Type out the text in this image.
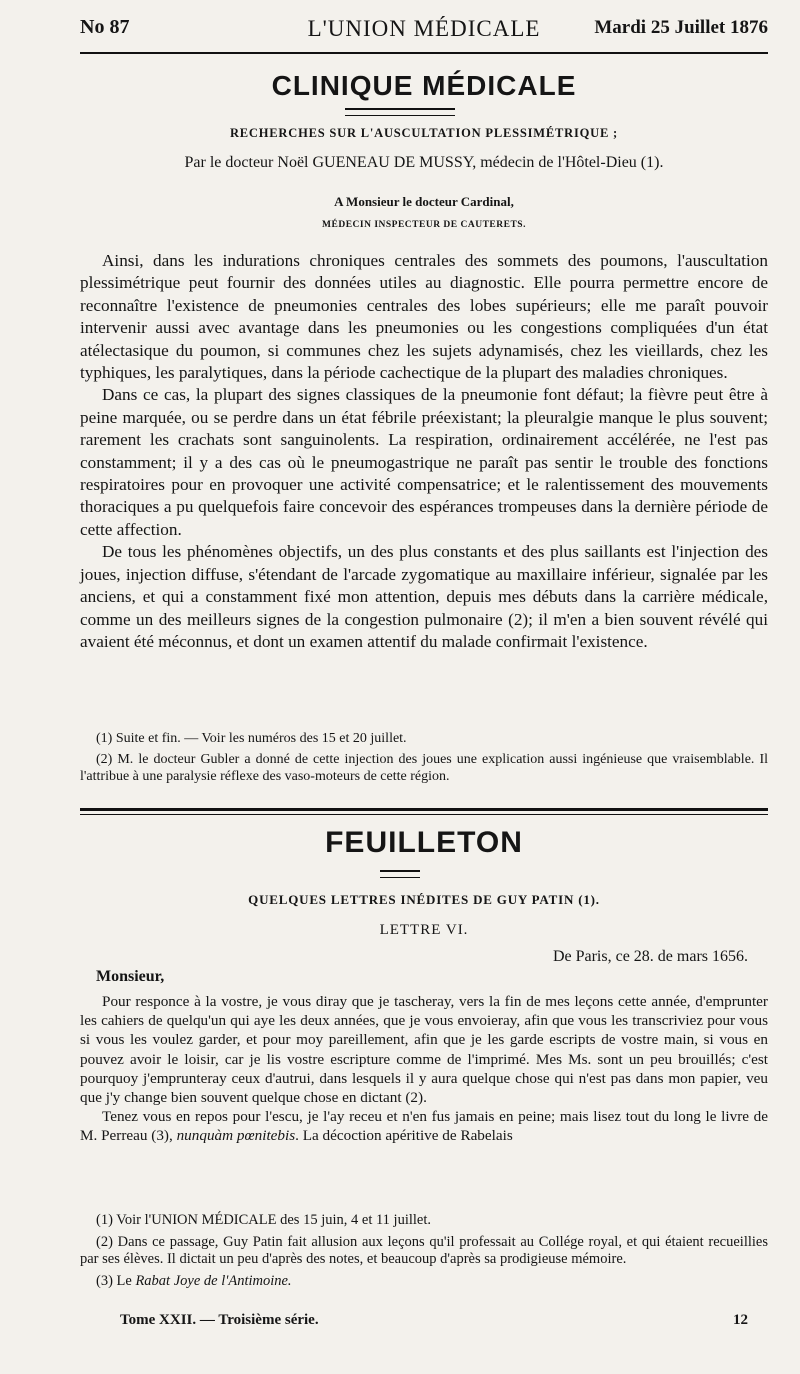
No 87	L'UNION MÉDICALE	Mardi 25 Juillet 1876
CLINIQUE MÉDICALE
RECHERCHES SUR L'AUSCULTATION PLESSIMÉTRIQUE ;
Par le docteur Noël GUENEAU DE MUSSY, médecin de l'Hôtel-Dieu (1).
A Monsieur le docteur Cardinal,
MÉDECIN INSPECTEUR DE CAUTERETS.

Ainsi, dans les indurations chroniques centrales des sommets des poumons, l'auscultation plessimétrique peut fournir des données utiles au diagnostic. Elle pourra permettre encore de reconnaître l'existence de pneumonies centrales des lobes supérieurs; elle me paraît pouvoir intervenir aussi avec avantage dans les pneumonies ou les congestions compliquées d'un état atélectasique du poumon, si communes chez les sujets adynamisés, chez les vieillards, chez les typhiques, les paralytiques, dans la période cachectique de la plupart des maladies chroniques.

Dans ce cas, la plupart des signes classiques de la pneumonie font défaut; la fièvre peut être à peine marquée, ou se perdre dans un état fébrile préexistant; la pleuralgie manque le plus souvent; rarement les crachats sont sanguinolents. La respiration, ordinairement accélérée, ne l'est pas constamment; il y a des cas où le pneumogastrique ne paraît pas sentir le trouble des fonctions respiratoires pour en provoquer une activité compensatrice; et le ralentissement des mouvements thoraciques a pu quelquefois faire concevoir des espérances trompeuses dans la dernière période de cette affection.

De tous les phénomènes objectifs, un des plus constants et des plus saillants est l'injection des joues, injection diffuse, s'étendant de l'arcade zygomatique au maxillaire inférieur, signalée par les anciens, et qui a constamment fixé mon attention, depuis mes débuts dans la carrière médicale, comme un des meilleurs signes de la congestion pulmonaire (2); il m'en a bien souvent révélé qui avaient été méconnus, et dont un examen attentif du malade confirmait l'existence.

(1) Suite et fin. — Voir les numéros des 15 et 20 juillet.

(2) M. le docteur Gubler a donné de cette injection des joues une explication aussi ingénieuse que vraisemblable. Il l'attribue à une paralysie réflexe des vaso-moteurs de cette région.

FEUILLETON
QUELQUES LETTRES INÉDITES DE GUY PATIN (1).
LETTRE VI.
De Paris, ce 28. de mars 1656.
Monsieur,

Pour responce à la vostre, je vous diray que je tascheray, vers la fin de mes leçons cette année, d'emprunter les cahiers de quelqu'un qui aye les deux années, que je vous envoieray, afin que vous les transcriviez pour vous si vous les voulez garder, et pour moy pareillement, afin que je les garde escripts de vostre main, si vous en pouvez avoir le loisir, car je lis vostre escripture comme de l'imprimé. Mes Ms. sont un peu brouillés; c'est pourquoy j'emprunteray ceux d'autrui, dans lesquels il y aura quelque chose qui n'est pas dans mon papier, veu que j'y change bien souvent quelque chose en dictant (2).

Tenez vous en repos pour l'escu, je l'ay receu et n'en fus jamais en peine; mais lisez tout du long le livre de M. Perreau (3), nunquàm pœnitebis. La décoction apéritive de Rabelais

(1) Voir l'UNION MÉDICALE des 15 juin, 4 et 11 juillet.

(2) Dans ce passage, Guy Patin fait allusion aux leçons qu'il professait au Collége royal, et qui étaient recueillies par ses élèves. Il dictait un peu d'après des notes, et beaucoup d'après sa prodigieuse mémoire.

(3) Le Rabat Joye de l'Antimoine.

Tome XXII. — Troisième série.	12
